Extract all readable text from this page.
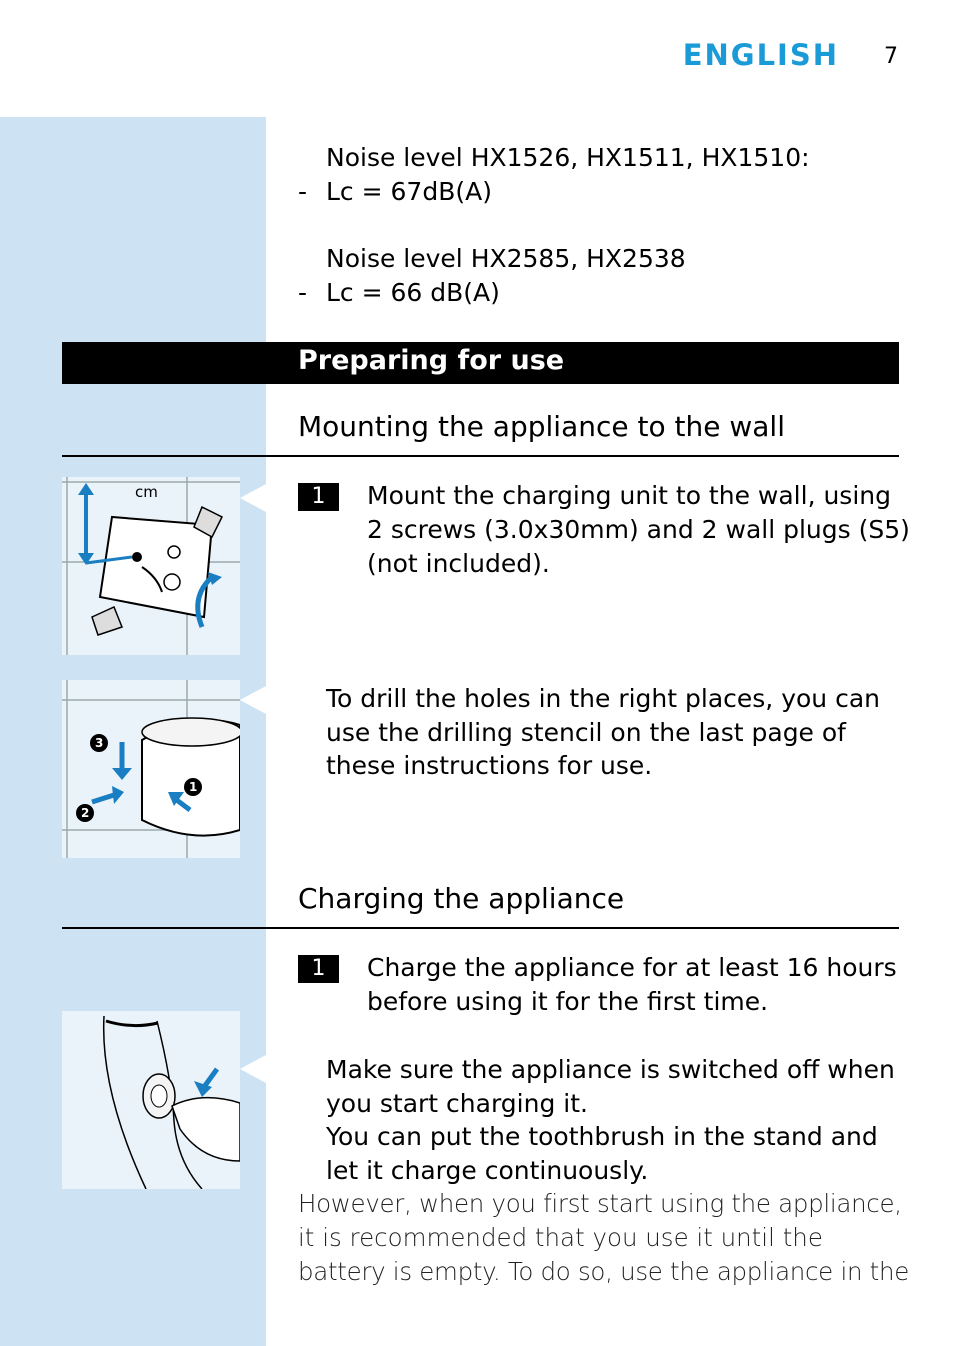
ENGLISH 7
Noise level HX1526, HX1511, HX1510:
- Lc = 67dB(A)
Noise level HX2585, HX2538
- Lc = 66 dB(A)
Preparing for use
Mounting the appliance to the wall
cm	1	Mount the charging unit to the wall, using
2 screws (3.0x30mm) and 2 wall plugs (S5)
(not included).
3
2
1
To drill the holes in the right places, you can
use the drilling stencil on the last page of
these instructions for use.
Charging the appliance
1	Charge the appliance for at least 16 hours
before using it for the first time.
Make sure the appliance is switched off when
you start charging it.
You can put the toothbrush in the stand and
let it charge continuously.
However, when you first start using the appliance,
it is recommended that you use it until the
battery is empty. To do so, use the appliance in the
